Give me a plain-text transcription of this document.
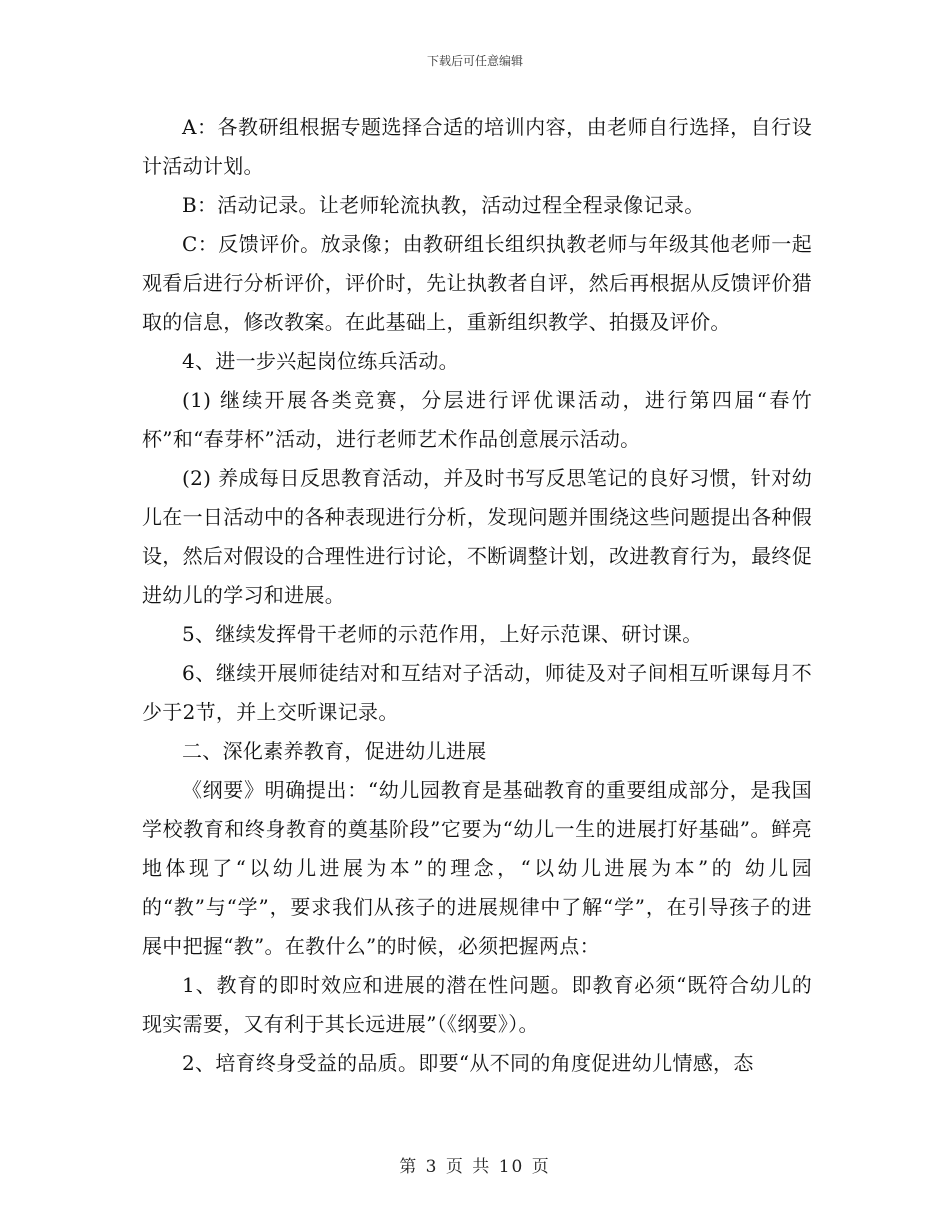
下载后可任意编辑

A：各教研组根据专题选择合适的培训内容，由老师自行选择，自行设计活动计划。

B：活动记录。让老师轮流执教，活动过程全程录像记录。

C：反馈评价。放录像；由教研组长组织执教老师与年级其他老师一起观看后进行分析评价，评价时，先让执教者自评，然后再根据从反馈评价猎取的信息，修改教案。在此基础上，重新组织教学、拍摄及评价。

4、进一步兴起岗位练兵活动。

(1) 继续开展各类竞赛，分层进行评优课活动，进行第四届“春竹杯”和“春芽杯”活动，进行老师艺术作品创意展示活动。

(2) 养成每日反思教育活动，并及时书写反思笔记的良好习惯，针对幼儿在一日活动中的各种表现进行分析，发现问题并围绕这些问题提出各种假设，然后对假设的合理性进行讨论，不断调整计划，改进教育行为，最终促进幼儿的学习和进展。

5、继续发挥骨干老师的示范作用，上好示范课、研讨课。

6、继续开展师徒结对和互结对子活动，师徒及对子间相互听课每月不少于2节，并上交听课记录。

二、深化素养教育，促进幼儿进展

《纲要》明确提出：“幼儿园教育是基础教育的重要组成部分，是我国学校教育和终身教育的奠基阶段”它要为“幼儿一生的进展打好基础”。鲜亮地体现了“以幼儿进展为本”的理念，“以幼儿进展为本”的 幼儿园的“教”与“学”，要求我们从孩子的进展规律中了解“学”，在引导孩子的进展中把握“教”。在教什么”的时候，必须把握两点：

1、教育的即时效应和进展的潜在性问题。即教育必须“既符合幼儿的现实需要，又有利于其长远进展”（《纲要》）。

2、培育终身受益的品质。即要“从不同的角度促进幼儿情感，态

第 3 页 共 10 页
